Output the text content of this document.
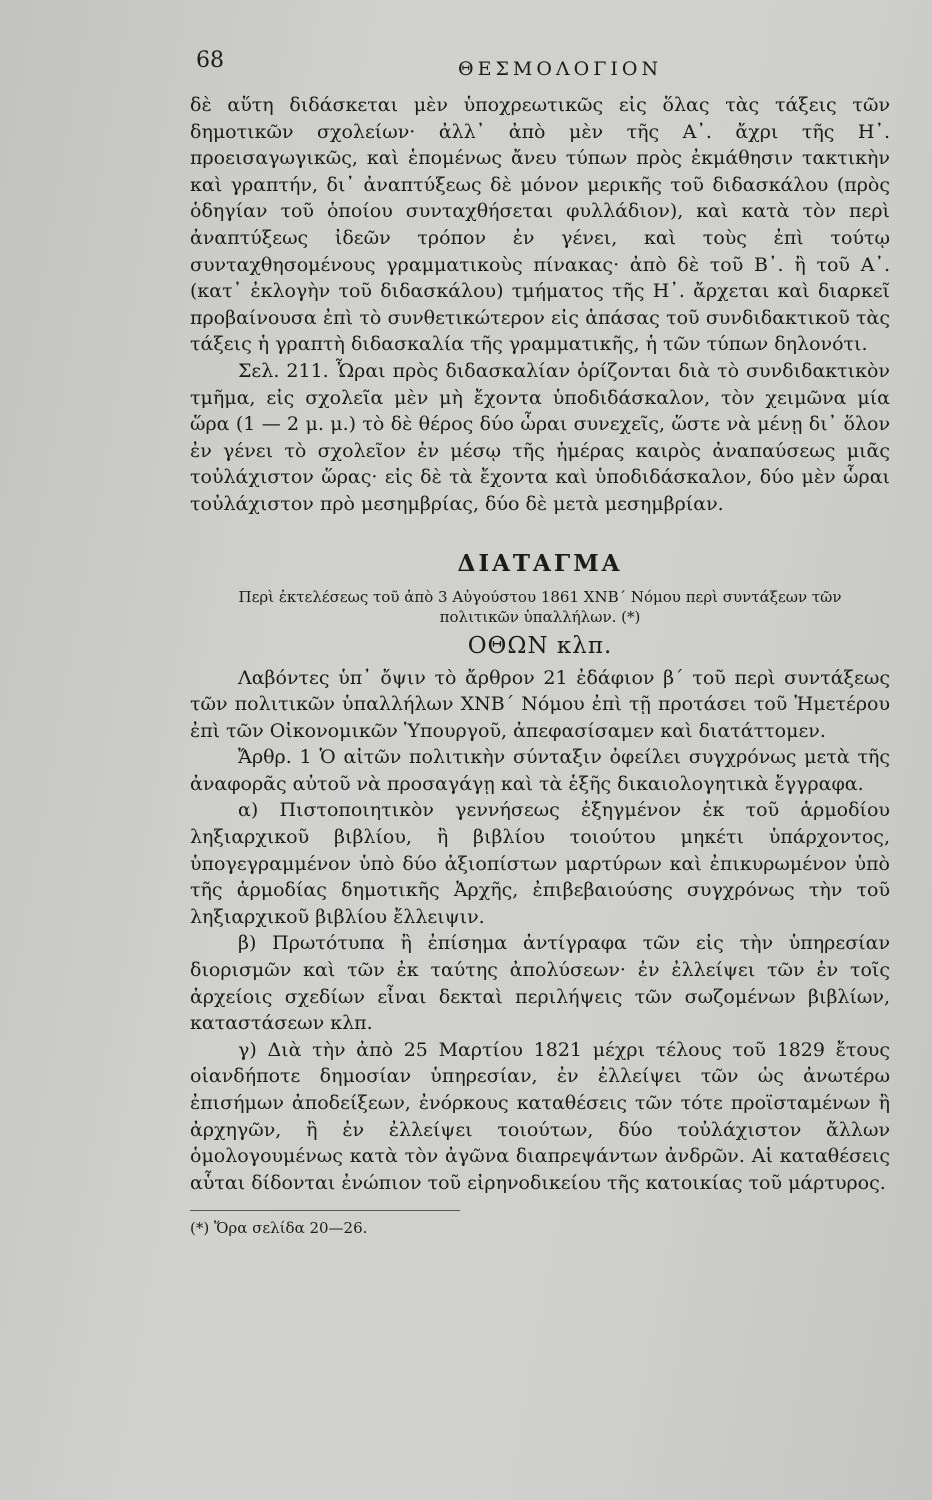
68	ΘΕΣΜΟΛΟΓΙΟΝ

δὲ αὕτη διδάσκεται μὲν ὑποχρεωτικῶς εἰς ὅλας τὰς τάξεις τῶν δημοτικῶν σχολείων· ἀλλ᾽ ἀπὸ μὲν τῆς Α᾽. ἄχρι τῆς Η᾽. προεισαγωγικῶς, καὶ ἑπομένως ἄνευ τύπων πρὸς ἐκμάθησιν τακτικὴν καὶ γραπτήν, δι᾽ ἀναπτύξεως δὲ μόνον μερικῆς τοῦ διδασκάλου (πρὸς ὁδηγίαν τοῦ ὁποίου συνταχθήσεται φυλλάδιον), καὶ κατὰ τὸν περὶ ἀναπτύξεως ἰδεῶν τρόπον ἐν γένει, καὶ τοὺς ἐπὶ τούτῳ συνταχθησομένους γραμματικοὺς πίνακας· ἀπὸ δὲ τοῦ Β᾽. ἢ τοῦ Α᾽. (κατ᾽ ἐκλογὴν τοῦ διδασκάλου) τμήματος τῆς Η᾽. ἄρχεται καὶ διαρκεῖ προβαίνουσα ἐπὶ τὸ συνθετικώτερον εἰς ἁπάσας τοῦ συνδιδακτικοῦ τὰς τάξεις ἡ γραπτὴ διδασκαλία τῆς γραμματικῆς, ἡ τῶν τύπων δηλονότι.

Σελ. 211. Ὧραι πρὸς διδασκαλίαν ὁρίζονται διὰ τὸ συνδιδακτικὸν τμῆμα, εἰς σχολεῖα μὲν μὴ ἔχοντα ὑποδιδάσκαλον, τὸν χειμῶνα μία ὥρα (1 — 2 μ. μ.) τὸ δὲ θέρος δύο ὧραι συνεχεῖς, ὥστε νὰ μένῃ δι᾽ ὅλον ἐν γένει τὸ σχολεῖον ἐν μέσῳ τῆς ἡμέρας καιρὸς ἀναπαύσεως μιᾶς τοὐλάχιστον ὥρας· εἰς δὲ τὰ ἔχοντα καὶ ὑποδιδάσκαλον, δύο μὲν ὧραι τοὐλάχιστον πρὸ μεσημβρίας, δύο δὲ μετὰ μεσημβρίαν.

ΔΙΑΤΑΓΜΑ
Περὶ ἐκτελέσεως τοῦ ἀπὸ 3 Αὐγούστου 1861 ΧΝΒ΄ Νόμου περὶ συντάξεων τῶν πολιτικῶν ὑπαλλήλων. (*)
ΟΘΩΝ κλπ.

Λαβόντες ὑπ᾽ ὄψιν τὸ ἄρθρον 21 ἐδάφιον β΄ τοῦ περὶ συντάξεως τῶν πολιτικῶν ὑπαλλήλων ΧΝΒ΄ Νόμου ἐπὶ τῇ προτάσει τοῦ Ἡμετέρου ἐπὶ τῶν Οἰκονομικῶν Ὑπουργοῦ, ἀπεφασίσαμεν καὶ διατάττομεν.

Ἄρθρ. 1 Ὁ αἰτῶν πολιτικὴν σύνταξιν ὀφείλει συγχρόνως μετὰ τῆς ἀναφορᾶς αὐτοῦ νὰ προσαγάγῃ καὶ τὰ ἑξῆς δικαιολογητικὰ ἔγγραφα.

α) Πιστοποιητικὸν γεννήσεως ἐξηγμένον ἐκ τοῦ ἁρμοδίου ληξιαρχικοῦ βιβλίου, ἢ βιβλίου τοιούτου μηκέτι ὑπάρχοντος, ὑπογεγραμμένον ὑπὸ δύο ἀξιοπίστων μαρτύρων καὶ ἐπικυρωμένον ὑπὸ τῆς ἁρμοδίας δημοτικῆς Ἀρχῆς, ἐπιβεβαιούσης συγχρόνως τὴν τοῦ ληξιαρχικοῦ βιβλίου ἔλλειψιν.

β) Πρωτότυπα ἢ ἐπίσημα ἀντίγραφα τῶν εἰς τὴν ὑπηρεσίαν διορισμῶν καὶ τῶν ἐκ ταύτης ἀπολύσεων· ἐν ἐλλείψει τῶν ἐν τοῖς ἀρχείοις σχεδίων εἶναι δεκταὶ περιλήψεις τῶν σωζομένων βιβλίων, καταστάσεων κλπ.

γ) Διὰ τὴν ἀπὸ 25 Μαρτίου 1821 μέχρι τέλους τοῦ 1829 ἔτους οἱανδήποτε δημοσίαν ὑπηρεσίαν, ἐν ἐλλείψει τῶν ὡς ἀνωτέρω ἐπισήμων ἀποδείξεων, ἐνόρκους καταθέσεις τῶν τότε προϊσταμένων ἢ ἀρχηγῶν, ἢ ἐν ἐλλείψει τοιούτων, δύο τοὐλάχιστον ἄλλων ὁμολογουμένως κατὰ τὸν ἀγῶνα διαπρεψάντων ἀνδρῶν. Αἱ καταθέσεις αὗται δίδονται ἐνώπιον τοῦ εἰρηνοδικείου τῆς κατοικίας τοῦ μάρτυρος.

(*) Ὅρα σελίδα 20—26.
